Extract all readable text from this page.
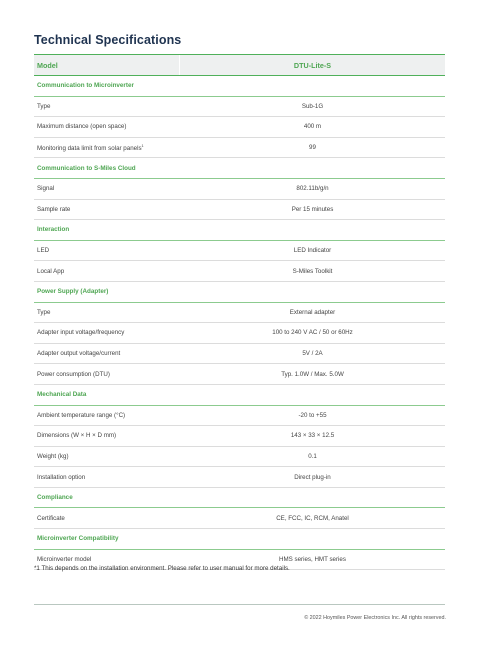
Technical Specifications
Model	DTU-Lite-S
Communication to Microinverter
Type	Sub-1G
Maximum distance (open space)	400 m
Monitoring data limit from solar panels$^1$	99
Communication to S-Miles Cloud
Signal	802.11b/g/n
Sample rate	Per 15 minutes
Interaction
LED	LED Indicator
Local App	S-Miles Toolkit
Power Supply (Adapter)
Type	External adapter
Adapter input voltage/frequency	100 to 240 V AC / 50 or 60Hz
Adapter output voltage/current	5V / 2A
Power consumption (DTU)	Typ. 1.0W / Max. 5.0W
Mechanical Data
Ambient temperature range (°C)	-20 to +55
Dimensions (W × H × D mm)	143 × 33 × 12.5
Weight (kg)	0.1
Installation option	Direct plug-in
Compliance
Certificate	CE, FCC, IC, RCM, Anatel
Microinverter Compatibility
Microinverter model	HMS series, HMT series
*1 This depends on the installation environment. Please refer to user manual for more details.
© 2022 Hoymiles Power Electronics Inc. All rights reserved.
